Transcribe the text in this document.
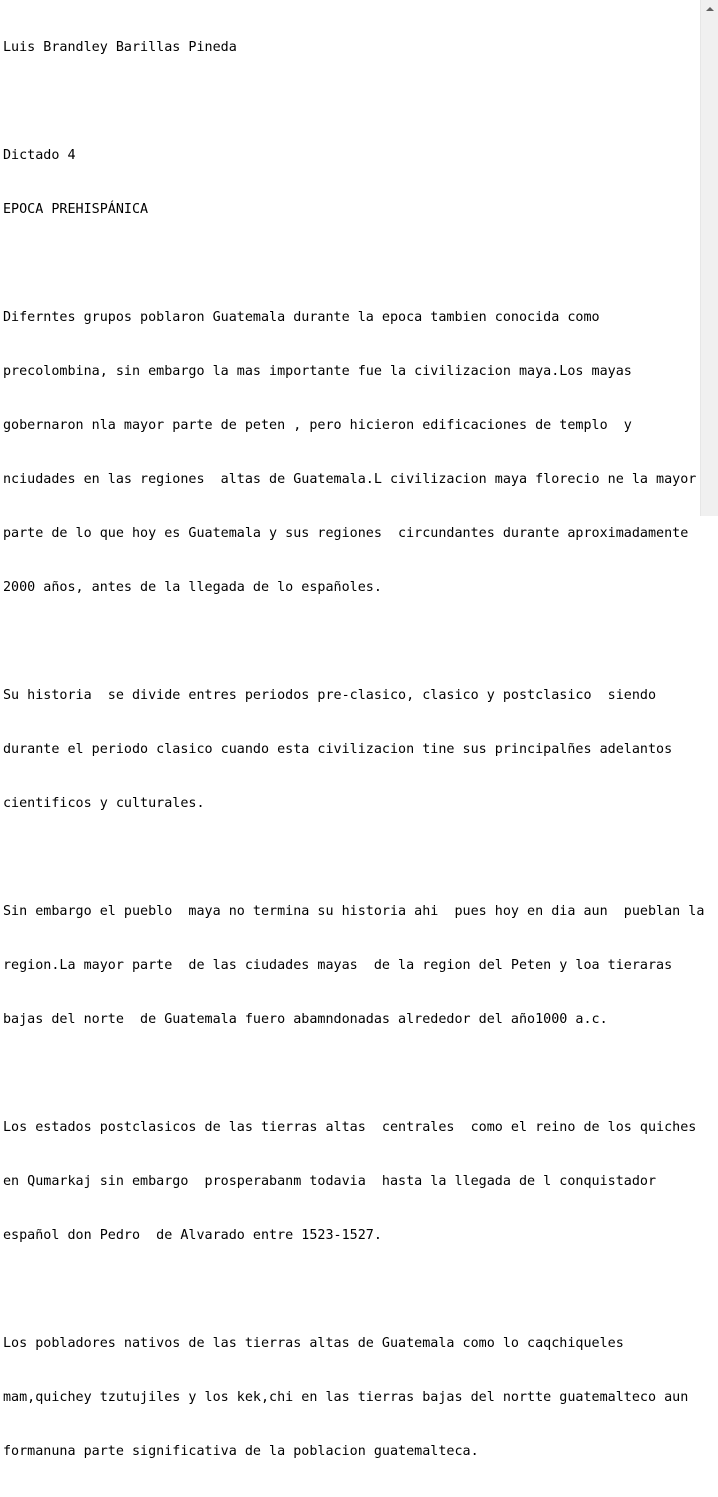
Luis Brandley Barillas Pineda

Dictado 4

EPOCA PREHISPÁNICA

Diferntes grupos poblaron Guatemala durante la epoca tambien conocida como

precolombina, sin embargo la mas importante fue la civilizacion maya.Los mayas

gobernaron nla mayor parte de peten , pero hicieron edificaciones de templo  y

nciudades en las regiones  altas de Guatemala.L civilizacion maya florecio ne la mayor

parte de lo que hoy es Guatemala y sus regiones  circundantes durante aproximadamente

2000 años, antes de la llegada de lo españoles.

Su historia  se divide entres periodos pre-clasico, clasico y postclasico  siendo

durante el periodo clasico cuando esta civilizacion tine sus principalñes adelantos

cientificos y culturales.

Sin embargo el pueblo  maya no termina su historia ahi  pues hoy en dia aun  pueblan la

region.La mayor parte  de las ciudades mayas  de la region del Peten y loa tieraras

bajas del norte  de Guatemala fuero abamndonadas alrededor del año1000 a.c.

Los estados postclasicos de las tierras altas  centrales  como el reino de los quiches

en Qumarkaj sin embargo  prosperabanm todavia  hasta la llegada de l conquistador

español don Pedro  de Alvarado entre 1523-1527.

Los pobladores nativos de las tierras altas de Guatemala como lo caqchiqueles

mam,quichey tzutujiles y los kek,chi en las tierras bajas del nortte guatemalteco aun

formanuna parte significativa de la poblacion guatemalteca.
